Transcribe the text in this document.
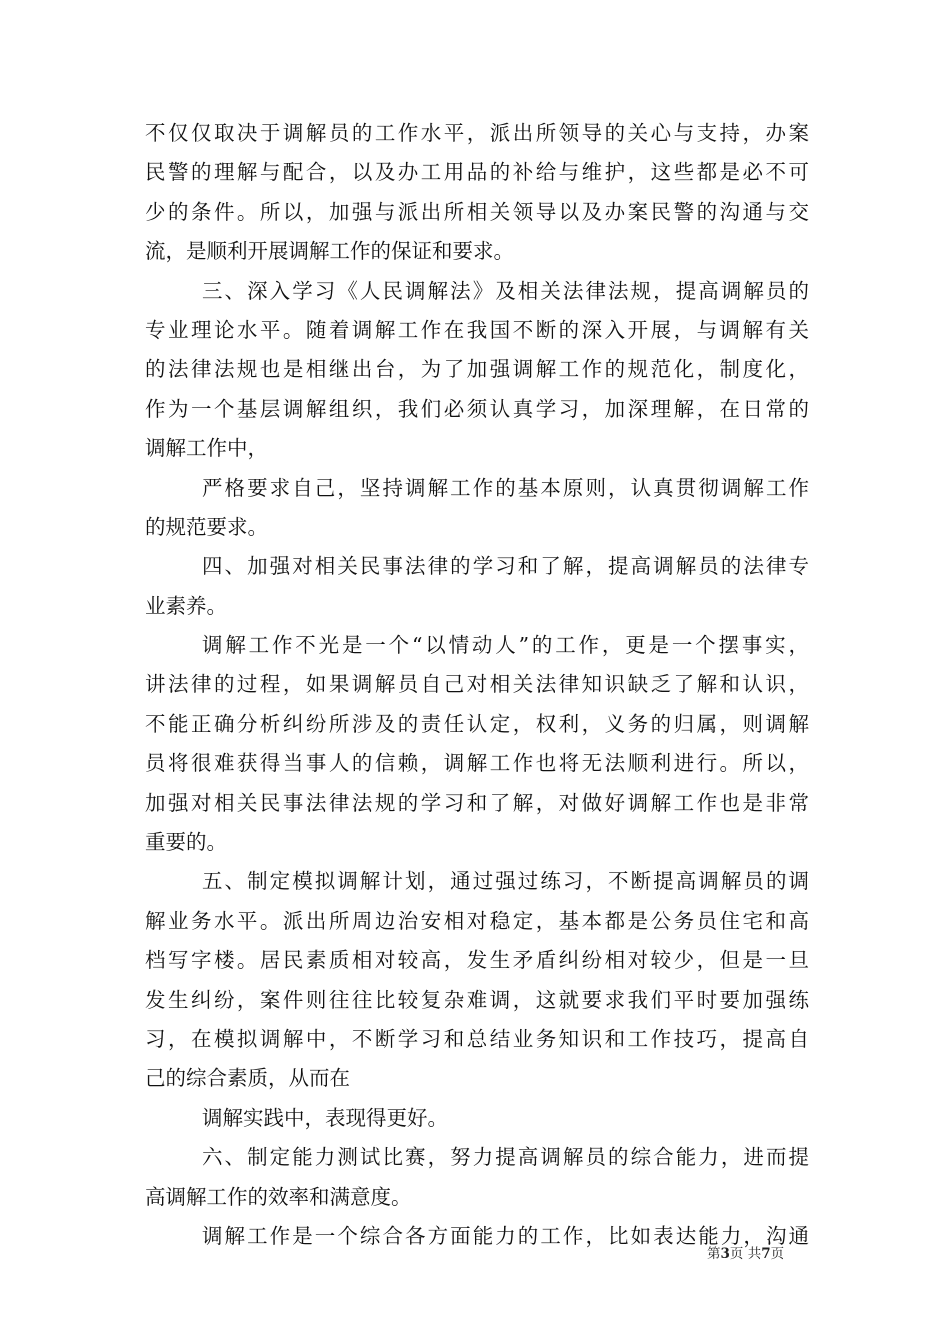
不仅仅取决于调解员的工作水平，派出所领导的关心与支持，办案
民警的理解与配合，以及办工用品的补给与维护，这些都是必不可
少的条件。所以，加强与派出所相关领导以及办案民警的沟通与交
流，是顺利开展调解工作的保证和要求。
三、深入学习《人民调解法》及相关法律法规，提高调解员的
专业理论水平。随着调解工作在我国不断的深入开展，与调解有关
的法律法规也是相继出台，为了加强调解工作的规范化，制度化，
作为一个基层调解组织，我们必须认真学习，加深理解，在日常的
调解工作中，
严格要求自己，坚持调解工作的基本原则，认真贯彻调解工作
的规范要求。
四、加强对相关民事法律的学习和了解，提高调解员的法律专
业素养。
调解工作不光是一个“以情动人”的工作，更是一个摆事实，
讲法律的过程，如果调解员自己对相关法律知识缺乏了解和认识，
不能正确分析纠纷所涉及的责任认定，权利，义务的归属，则调解
员将很难获得当事人的信赖，调解工作也将无法顺利进行。所以，
加强对相关民事法律法规的学习和了解，对做好调解工作也是非常
重要的。
五、制定模拟调解计划，通过强过练习，不断提高调解员的调
解业务水平。派出所周边治安相对稳定，基本都是公务员住宅和高
档写字楼。居民素质相对较高，发生矛盾纠纷相对较少，但是一旦
发生纠纷，案件则往往比较复杂难调，这就要求我们平时要加强练
习，在模拟调解中，不断学习和总结业务知识和工作技巧，提高自
己的综合素质，从而在
调解实践中，表现得更好。
六、制定能力测试比赛，努力提高调解员的综合能力，进而提
高调解工作的效率和满意度。
调解工作是一个综合各方面能力的工作，比如表达能力，沟通
第3页 共7页
